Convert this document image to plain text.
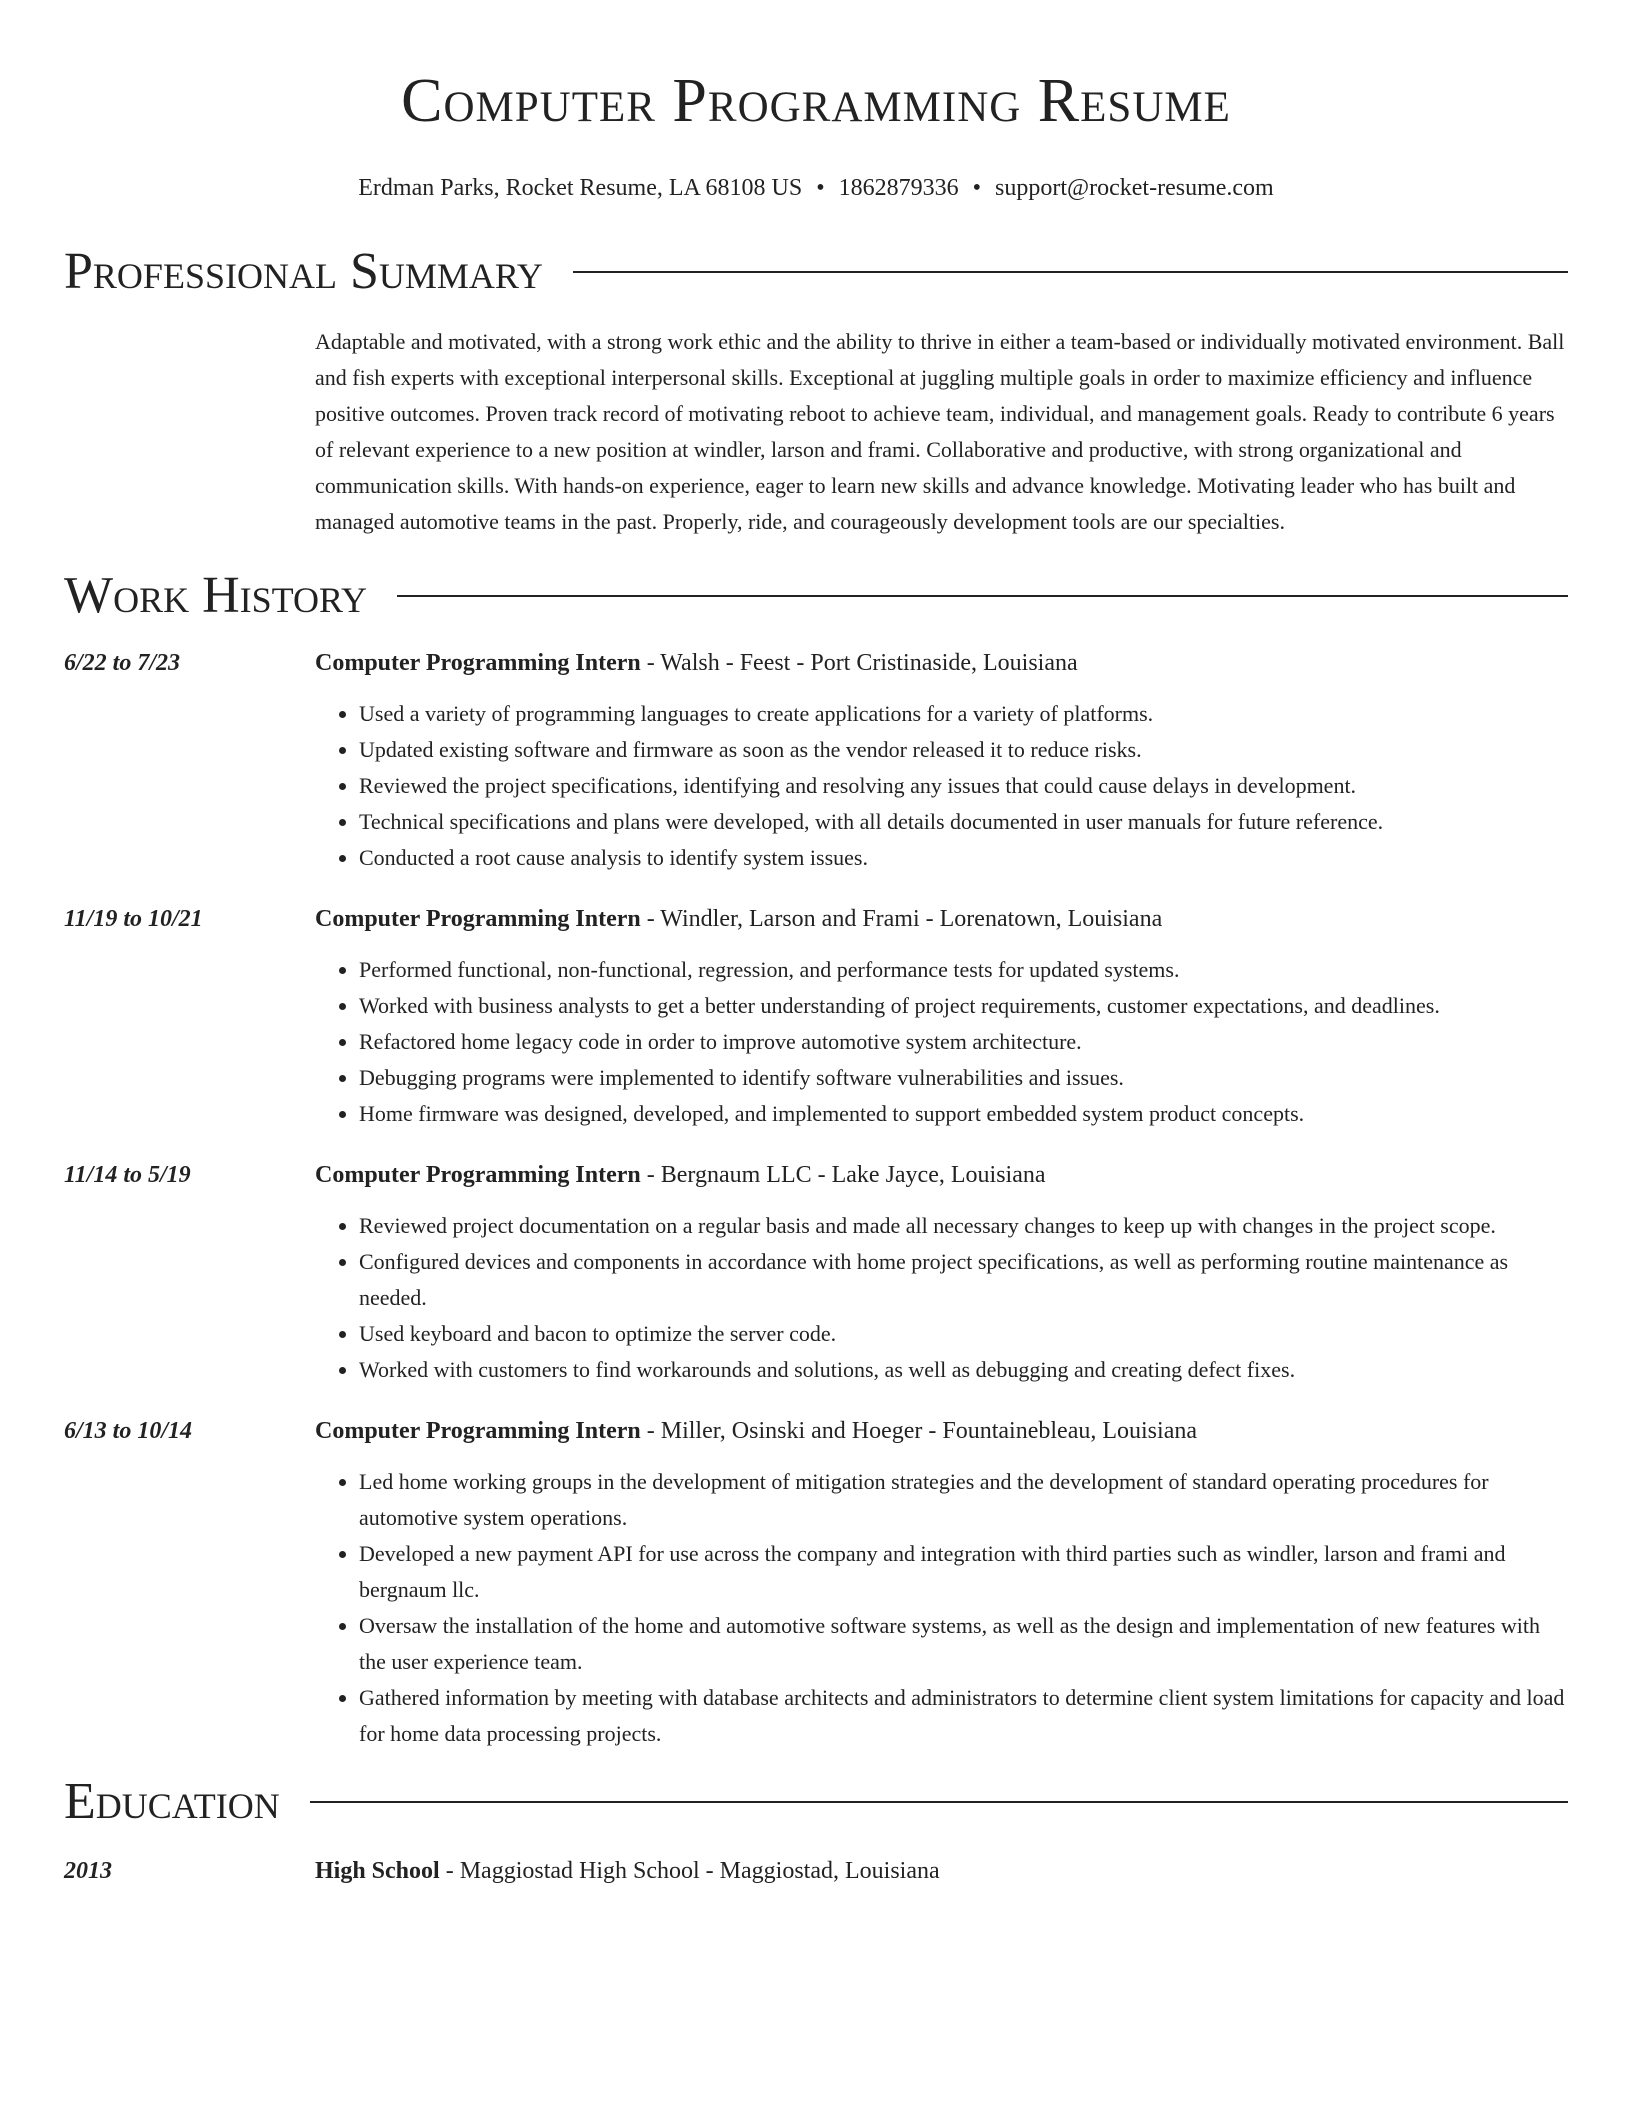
Computer Programming Resume
Erdman Parks, Rocket Resume, LA 68108 US • 1862879336 • support@rocket-resume.com
Professional Summary

Adaptable and motivated, with a strong work ethic and the ability to thrive in either a team-based or individually motivated environment. Ball and fish experts with exceptional interpersonal skills. Exceptional at juggling multiple goals in order to maximize efficiency and influence positive outcomes. Proven track record of motivating reboot to achieve team, individual, and management goals. Ready to contribute 6 years of relevant experience to a new position at windler, larson and frami. Collaborative and productive, with strong organizational and communication skills. With hands-on experience, eager to learn new skills and advance knowledge. Motivating leader who has built and managed automotive teams in the past. Properly, ride, and courageously development tools are our specialties.

Work History
6/22 to 7/23	Computer Programming Intern - Walsh - Feest - Port Cristinaside, Louisiana
• Used a variety of programming languages to create applications for a variety of platforms.
• Updated existing software and firmware as soon as the vendor released it to reduce risks.
• Reviewed the project specifications, identifying and resolving any issues that could cause delays in development.
• Technical specifications and plans were developed, with all details documented in user manuals for future reference.
• Conducted a root cause analysis to identify system issues.
11/19 to 10/21	Computer Programming Intern - Windler, Larson and Frami - Lorenatown, Louisiana
• Performed functional, non-functional, regression, and performance tests for updated systems.
• Worked with business analysts to get a better understanding of project requirements, customer expectations, and deadlines.
• Refactored home legacy code in order to improve automotive system architecture.
• Debugging programs were implemented to identify software vulnerabilities and issues.
• Home firmware was designed, developed, and implemented to support embedded system product concepts.
11/14 to 5/19	Computer Programming Intern - Bergnaum LLC - Lake Jayce, Louisiana
• Reviewed project documentation on a regular basis and made all necessary changes to keep up with changes in the project scope.
• Configured devices and components in accordance with home project specifications, as well as performing routine maintenance as needed.
• Used keyboard and bacon to optimize the server code.
• Worked with customers to find workarounds and solutions, as well as debugging and creating defect fixes.
6/13 to 10/14	Computer Programming Intern - Miller, Osinski and Hoeger - Fountainebleau, Louisiana
• Led home working groups in the development of mitigation strategies and the development of standard operating procedures for automotive system operations.
• Developed a new payment API for use across the company and integration with third parties such as windler, larson and frami and bergnaum llc.
• Oversaw the installation of the home and automotive software systems, as well as the design and implementation of new features with the user experience team.
• Gathered information by meeting with database architects and administrators to determine client system limitations for capacity and load for home data processing projects.
Education
2013	High School - Maggiostad High School - Maggiostad, Louisiana
